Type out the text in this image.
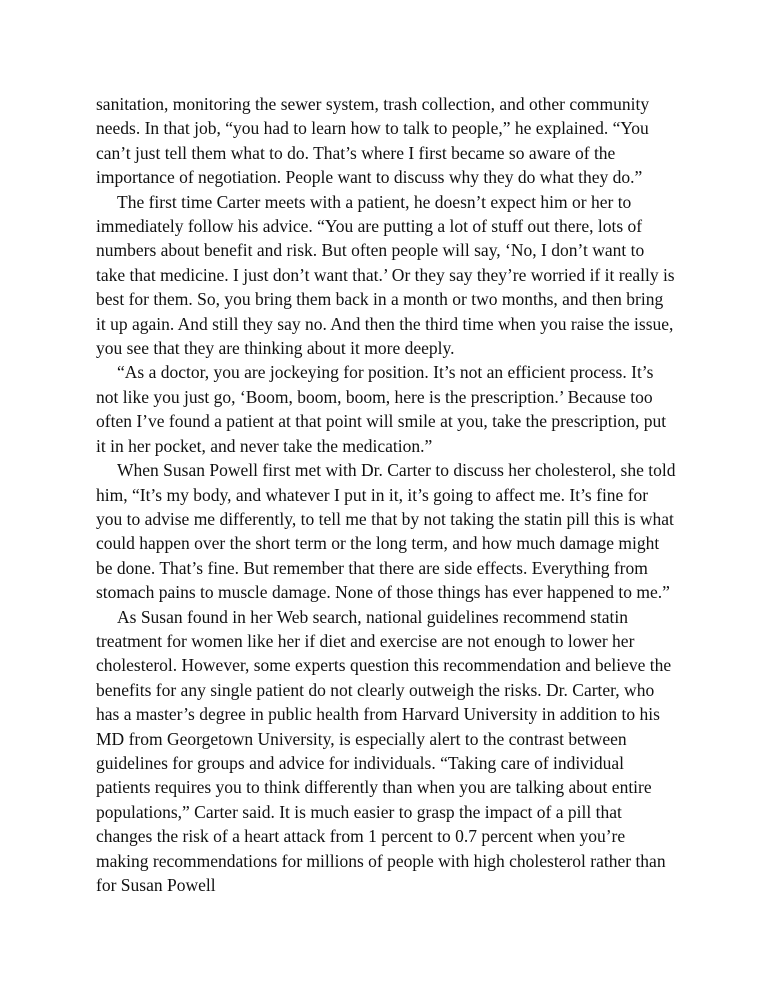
sanitation, monitoring the sewer system, trash collection, and other community needs. In that job, “you had to learn how to talk to people,” he explained. “You can’t just tell them what to do. That’s where I first became so aware of the importance of negotiation. People want to discuss why they do what they do.”

The first time Carter meets with a patient, he doesn’t expect him or her to immediately follow his advice. “You are putting a lot of stuff out there, lots of numbers about benefit and risk. But often people will say, ‘No, I don’t want to take that medicine. I just don’t want that.’ Or they say they’re worried if it really is best for them. So, you bring them back in a month or two months, and then bring it up again. And still they say no. And then the third time when you raise the issue, you see that they are thinking about it more deeply.

“As a doctor, you are jockeying for position. It’s not an efficient process. It’s not like you just go, ‘Boom, boom, boom, here is the prescription.’ Because too often I’ve found a patient at that point will smile at you, take the prescription, put it in her pocket, and never take the medication.”

When Susan Powell first met with Dr. Carter to discuss her cholesterol, she told him, “It’s my body, and whatever I put in it, it’s going to affect me. It’s fine for you to advise me differently, to tell me that by not taking the statin pill this is what could happen over the short term or the long term, and how much damage might be done. That’s fine. But remember that there are side effects. Everything from stomach pains to muscle damage. None of those things has ever happened to me.”

As Susan found in her Web search, national guidelines recommend statin treatment for women like her if diet and exercise are not enough to lower her cholesterol. However, some experts question this recommendation and believe the benefits for any single patient do not clearly outweigh the risks. Dr. Carter, who has a master’s degree in public health from Harvard University in addition to his MD from Georgetown University, is especially alert to the contrast between guidelines for groups and advice for individuals. “Taking care of individual patients requires you to think differently than when you are talking about entire populations,” Carter said. It is much easier to grasp the impact of a pill that changes the risk of a heart attack from 1 percent to 0.7 percent when you’re making recommendations for millions of people with high cholesterol rather than for Susan Powell
